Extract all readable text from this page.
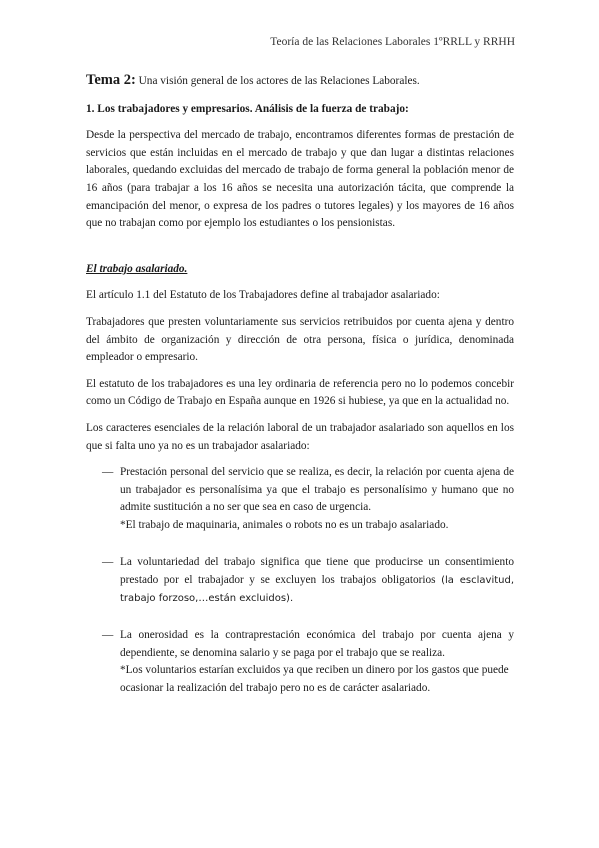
Teoría de las Relaciones Laborales 1ºRRLL y RRHH
Tema 2: Una visión general de los actores de las Relaciones Laborales.
1. Los trabajadores y empresarios. Análisis de la fuerza de trabajo:

Desde la perspectiva del mercado de trabajo, encontramos diferentes formas de prestación de servicios que están incluidas en el mercado de trabajo y que dan lugar a distintas relaciones laborales, quedando excluidas del mercado de trabajo de forma general la población menor de 16 años (para trabajar a los 16 años se necesita una autorización tácita, que comprende la emancipación del menor, o expresa de los padres o tutores legales) y los mayores de 16 años que no trabajan como por ejemplo los estudiantes o los pensionistas.

El trabajo asalariado.

El artículo 1.1 del Estatuto de los Trabajadores define al trabajador asalariado:

Trabajadores que presten voluntariamente sus servicios retribuidos por cuenta ajena y dentro del ámbito de organización y dirección de otra persona, física o jurídica, denominada empleador o empresario.

El estatuto de los trabajadores es una ley ordinaria de referencia pero no lo podemos concebir como un Código de Trabajo en España aunque en 1926 si hubiese, ya que en la actualidad no.

Los caracteres esenciales de la relación laboral de un trabajador asalariado son aquellos en los que si falta uno ya no es un trabajador asalariado:

— Prestación personal del servicio que se realiza, es decir, la relación por cuenta ajena de un trabajador es personalísima ya que el trabajo es personalísimo y humano que no admite sustitución a no ser que sea en caso de urgencia.
*El trabajo de maquinaria, animales o robots no es un trabajo asalariado.
— La voluntariedad del trabajo significa que tiene que producirse un consentimiento prestado por el trabajador y se excluyen los trabajos obligatorios (la esclavitud, trabajo forzoso,…están excluidos).
— La onerosidad es la contraprestación económica del trabajo por cuenta ajena y dependiente, se denomina salario y se paga por el trabajo que se realiza.
*Los voluntarios estarían excluidos ya que reciben un dinero por los gastos que puede ocasionar la realización del trabajo pero no es de carácter asalariado.
